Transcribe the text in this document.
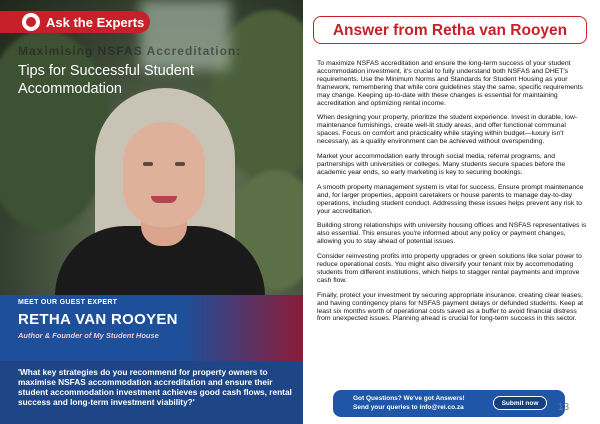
Ask the Experts
Maximising NSFAS Accreditation:
Tips for Successful Student Accommodation
MEET OUR GUEST EXPERT
RETHA VAN ROOYEN
Author & Founder of My Student House
'What key strategies do you recommend for property owners to maximise NSFAS accommodation accreditation and ensure their student accommodation investment achieves good cash flows, rental success and long-term investment viability?'
Answer from Retha van Rooyen

To maximize NSFAS accreditation and ensure the long-term success of your student accommodation investment, it's crucial to fully understand both NSFAS and DHET's requirements. Use the Minimum Norms and Standards for Student Housing as your framework, remembering that while core guidelines stay the same, specific requirements may change. Keeping up-to-date with these changes is essential for maintaining accreditation and optimizing rental income.

When designing your property, prioritize the student experience. Invest in durable, low-maintenance furnishings, create well-lit study areas, and offer functional communal spaces. Focus on comfort and practicality while staying within budget—luxury isn't necessary, as a quality environment can be achieved without overspending.

Market your accommodation early through social media, referral programs, and partnerships with universities or colleges. Many students secure spaces before the academic year ends, so early marketing is key to securing bookings.

A smooth property management system is vital for success. Ensure prompt maintenance and, for larger properties, appoint caretakers or house parents to manage day-to-day operations, including student conduct. Addressing these issues helps prevent any risk to your accreditation.

Building strong relationships with university housing offices and NSFAS representatives is also essential. This ensures you're informed about any policy or payment changes, allowing you to stay ahead of potential issues.

Consider reinvesting profits into property upgrades or green solutions like solar power to reduce operational costs. You might also diversify your tenant mix by accommodating students from different institutions, which helps to stagger rental payments and improve cash flow.

Finally, protect your investment by securing appropriate insurance, creating clear leases, and having contingency plans for NSFAS payment delays or defunded students. Keep at least six months worth of operational costs saved as a buffer to avoid financial distress from unexpected issues. Planning ahead is crucial for long-term success in this sector.

Got Questions? We've got Answers!
Send your queries to info@rei.co.za
Submit now	13
